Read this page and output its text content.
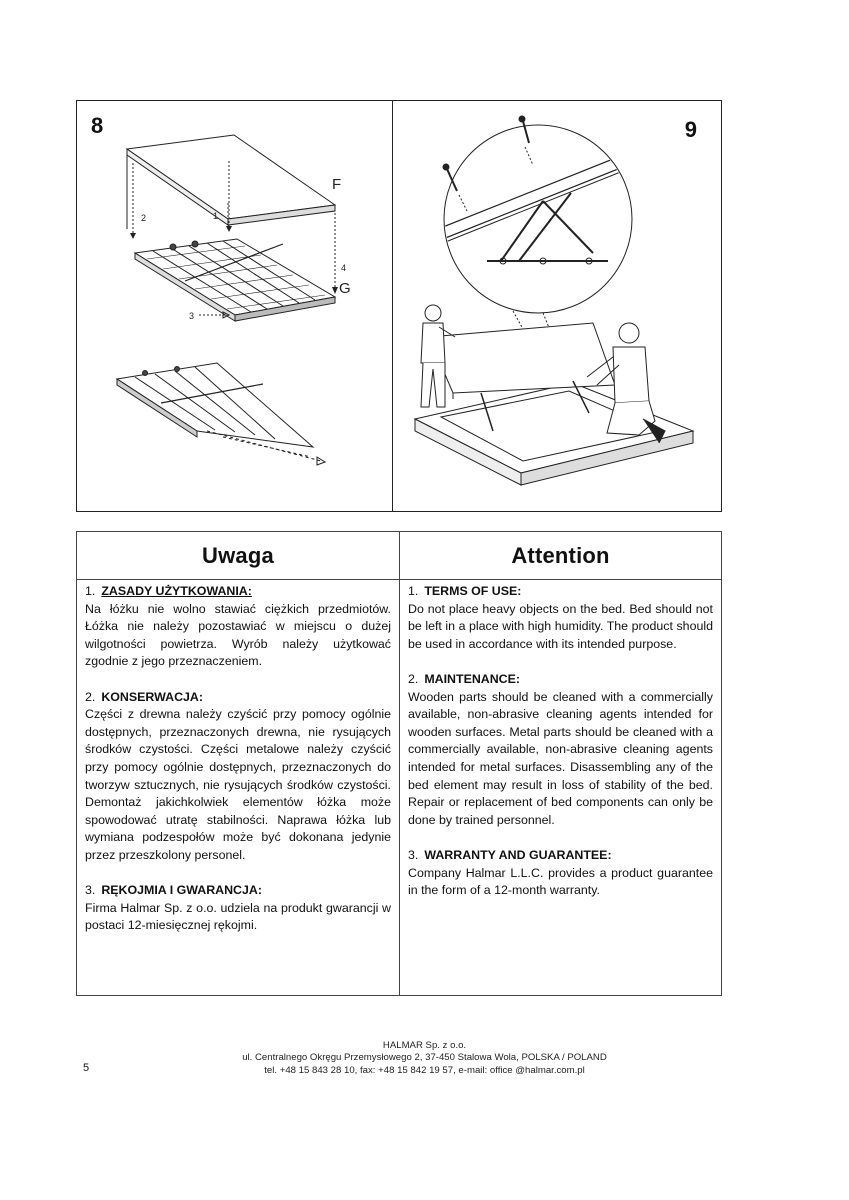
F
G
1
2
3
4
8	9
Uwaga
1. ZASADY UŻYTKOWANIA:
Na łóżku nie wolno stawiać ciężkich przedmiotów. Łóżka nie należy pozostawiać w miejscu o dużej wilgotności powietrza. Wyrób należy użytkować zgodnie z jego przeznaczeniem.
2. KONSERWACJA:
Części z drewna należy czyścić przy pomocy ogólnie dostępnych, przeznaczonych drewna, nie rysujących środków czystości. Części metalowe należy czyścić przy pomocy ogólnie dostępnych, przeznaczonych do tworzyw sztucznych, nie rysujących środków czystości. Demontaż jakichkolwiek elementów łóżka może spowodować utratę stabilności. Naprawa łóżka lub wymiana podzespołów może być dokonana jedynie przez przeszkolony personel.
3. RĘKOJMIA I GWARANCJA:
Firma Halmar Sp. z o.o. udziela na produkt gwarancji w postaci 12-miesięcznej rękojmi.
Attention
1. TERMS OF USE:
Do not place heavy objects on the bed. Bed should not be left in a place with high humidity. The product should be used in accordance with its intended purpose.
2. MAINTENANCE:
Wooden parts should be cleaned with a commercially available, non-abrasive cleaning agents intended for wooden surfaces. Metal parts should be cleaned with a commercially available, non-abrasive cleaning agents intended for metal surfaces. Disassembling any of the bed element may result in loss of stability of the bed. Repair or replacement of bed components can only be done by trained personnel.
3. WARRANTY AND GUARANTEE:
Company Halmar L.L.C. provides a product guarantee in the form of a 12-month warranty.
HALMAR Sp. z o.o.
ul. Centralnego Okręgu Przemysłowego 2, 37-450 Stalowa Wola, POLSKA / POLAND
tel. +48 15 843 28 10, fax: +48 15 842 19 57, e-mail: office @halmar.com.pl
5
